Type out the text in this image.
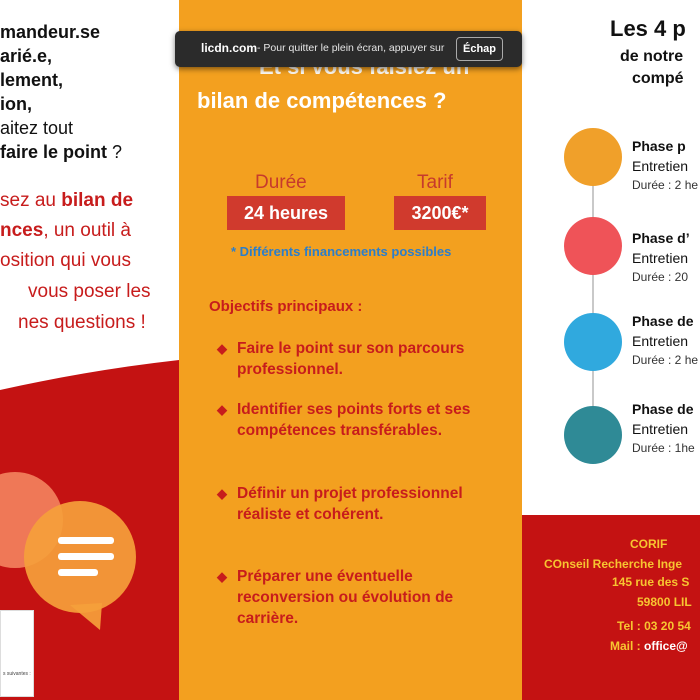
mandeur.se
arié.e,
lement,
ion,
aitez tout
faire le point ?
sez au bilan de
nces, un outil à
osition qui vous
vous poser les
nes questions !
s suivantes :
bilan de compétences ?
Durée
24 heures
Tarif
3200€*
* Différents financements possibles
Objectifs principaux :
◆ Faire le point sur son parcours professionnel.
◆ Identifier ses points forts et ses compétences transférables.
◆ Définir un projet professionnel réaliste et cohérent.
◆ Préparer une éventuelle reconversion ou évolution de carrière.
Les 4 p
de notre
compé
Phase p
Entretien
Durée : 2 he
Phase d’
Entretien
Durée : 20
Phase de
Entretien
Durée : 2 he
Phase de
Entretien
Durée : 1he
CORIF
COnseil Recherche Inge
145 rue des S
59800 LIL
Tel : 03 20 54
Mail : office@
licdn.com - Pour quitter le plein écran, appuyer sur	Échap
